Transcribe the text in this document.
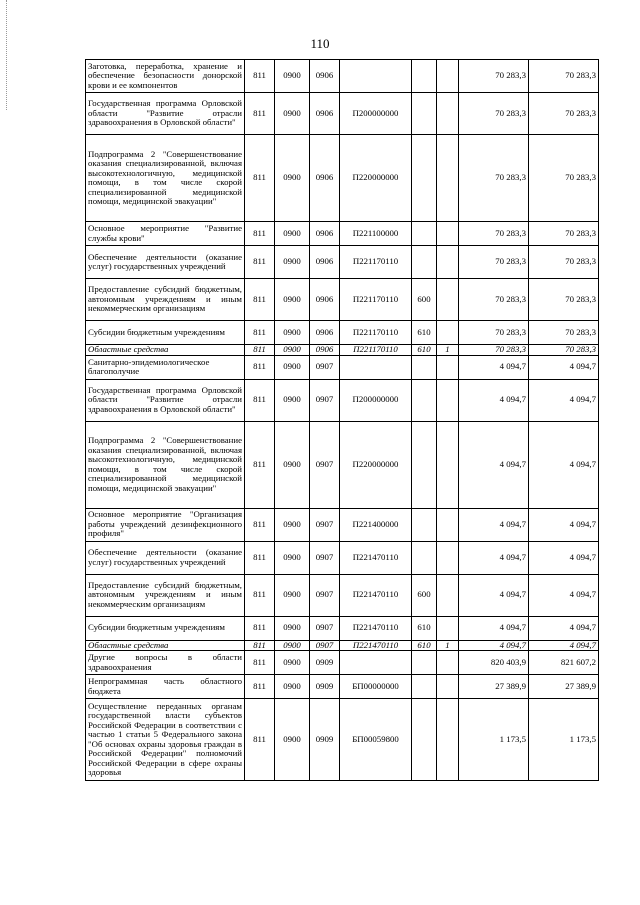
110
Заготовка, переработка, хранение и обеспечение безопасности донорской крови и ее компонентов	811	0900	0906				70 283,3	70 283,3
Государственная программа Орловской области "Развитие отрасли здравоохранения в Орловской области"	811	0900	0906	П200000000			70 283,3	70 283,3
Подпрограмма 2 "Совершенствование оказания специализированной, включая высокотехнологичную, медицинской помощи, в том числе скорой специализированной медицинской помощи, медицинской эвакуации"	811	0900	0906	П220000000			70 283,3	70 283,3
Основное мероприятие "Развитие службы крови"	811	0900	0906	П221100000			70 283,3	70 283,3
Обеспечение деятельности (оказание услуг) государственных учреждений	811	0900	0906	П221170110			70 283,3	70 283,3
Предоставление субсидий бюджетным, автономным учреждениям и иным некоммерческим организациям	811	0900	0906	П221170110	600		70 283,3	70 283,3
Субсидии бюджетным учреждениям	811	0900	0906	П221170110	610		70 283,3	70 283,3
Областные средства	811	0900	0906	П221170110	610	1	70 283,3	70 283,3
Санитарно-эпидемиологическое благополучие	811	0900	0907				4 094,7	4 094,7
Государственная программа Орловской области "Развитие отрасли здравоохранения в Орловской области"	811	0900	0907	П200000000			4 094,7	4 094,7
Подпрограмма 2 "Совершенствование оказания специализированной, включая высокотехнологичную, медицинской помощи, в том числе скорой специализированной медицинской помощи, медицинской эвакуации"	811	0900	0907	П220000000			4 094,7	4 094,7
Основное мероприятие "Организация работы учреждений дезинфекционного профиля"	811	0900	0907	П221400000			4 094,7	4 094,7
Обеспечение деятельности (оказание услуг) государственных учреждений	811	0900	0907	П221470110			4 094,7	4 094,7
Предоставление субсидий бюджетным, автономным учреждениям и иным некоммерческим организациям	811	0900	0907	П221470110	600		4 094,7	4 094,7
Субсидии бюджетным учреждениям	811	0900	0907	П221470110	610		4 094,7	4 094,7
Областные средства	811	0900	0907	П221470110	610	1	4 094,7	4 094,7
Другие вопросы в области здравоохранения	811	0900	0909				820 403,9	821 607,2
Непрограммная часть областного бюджета	811	0900	0909	БП00000000			27 389,9	27 389,9
Осуществление переданных органам государственной власти субъектов Российской Федерации в соответствии с частью 1 статьи 5 Федерального закона "Об основах охраны здоровья граждан в Российской Федерации" полномочий Российской Федерации в сфере охраны здоровья	811	0900	0909	БП00059800			1 173,5	1 173,5
